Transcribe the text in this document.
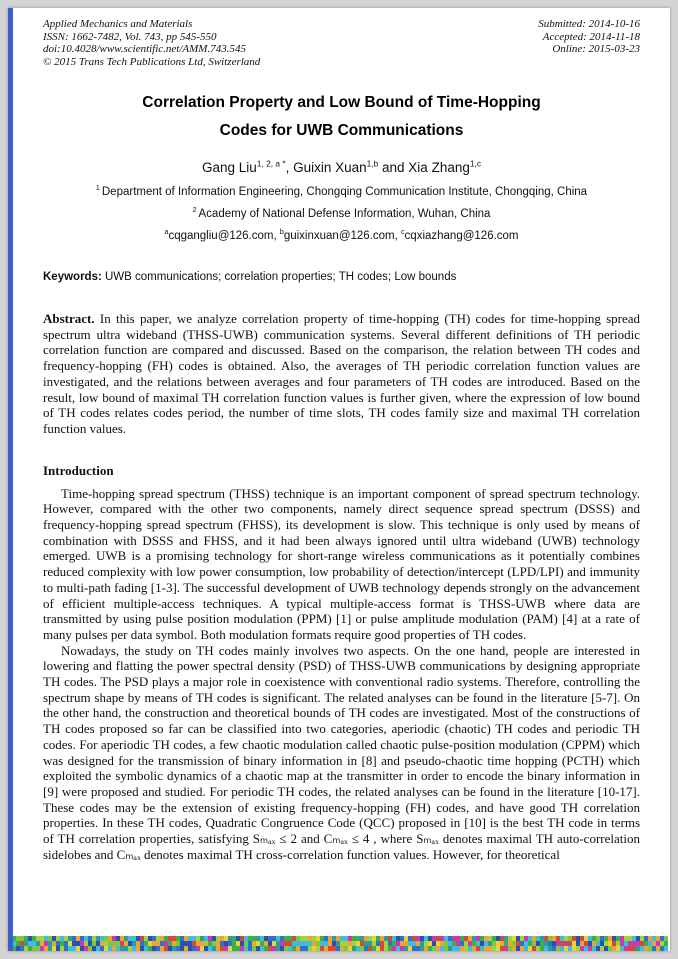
Applied Mechanics and Materials
ISSN: 1662-7482, Vol. 743, pp 545-550
doi:10.4028/www.scientific.net/AMM.743.545
© 2015 Trans Tech Publications Ltd, Switzerland
Submitted: 2014-10-16
Accepted: 2014-11-18
Online: 2015-03-23
Correlation Property and Low Bound of Time-Hopping
Codes for UWB Communications
Gang Liu$^{1, 2, a *}$, Guixin Xuan$^{1,b}$ and Xia Zhang$^{1,c}$
$^1$ Department of Information Engineering, Chongqing Communication Institute, Chongqing, China
$^2$ Academy of National Defense Information, Wuhan, China
$^a$cqgangliu@126.com, $^b$guixinxuan@126.com, $^c$cqxiazhang@126.com
Keywords: UWB communications; correlation properties; TH codes; Low bounds

Abstract. In this paper, we analyze correlation property of time-hopping (TH) codes for time-hopping spread spectrum ultra wideband (THSS-UWB) communication systems. Several different definitions of TH periodic correlation function are compared and discussed. Based on the comparison, the relation between TH codes and frequency-hopping (FH) codes is obtained. Also, the averages of TH periodic correlation function values are investigated, and the relations between averages and four parameters of TH codes are introduced. Based on the result, low bound of maximal TH correlation function values is further given, where the expression of low bound of TH codes relates codes period, the number of time slots, TH codes family size and maximal TH correlation function values.

Introduction

Time-hopping spread spectrum (THSS) technique is an important component of spread spectrum technology. However, compared with the other two components, namely direct sequence spread spectrum (DSSS) and frequency-hopping spread spectrum (FHSS), its development is slow. This technique is only used by means of combination with DSSS and FHSS, and it had been always ignored until ultra wideband (UWB) technology emerged. UWB is a promising technology for short-range wireless communications as it potentially combines reduced complexity with low power consumption, low probability of detection/intercept (LPD/LPI) and immunity to multi-path fading [1-3]. The successful development of UWB technology depends strongly on the advancement of efficient multiple-access techniques. A typical multiple-access format is THSS-UWB where data are transmitted by using pulse position modulation (PPM) [1] or pulse amplitude modulation (PAM) [4] at a rate of many pulses per data symbol. Both modulation formats require good properties of TH codes.

Nowadays, the study on TH codes mainly involves two aspects. On the one hand, people are interested in lowering and flatting the power spectral density (PSD) of THSS-UWB communications by designing appropriate TH codes. The PSD plays a major role in coexistence with conventional radio systems. Therefore, controlling the spectrum shape by means of TH codes is significant. The related analyses can be found in the literature [5-7]. On the other hand, the construction and theoretical bounds of TH codes are investigated. Most of the constructions of TH codes proposed so far can be classified into two categories, aperiodic (chaotic) TH codes and periodic TH codes. For aperiodic TH codes, a few chaotic modulation called chaotic pulse-position modulation (CPPM) which was designed for the transmission of binary information in [8] and pseudo-chaotic time hopping (PCTH) which exploited the symbolic dynamics of a chaotic map at the transmitter in order to encode the binary information in [9] were proposed and studied. For periodic TH codes, the related analyses can be found in the literature [10-17]. These codes may be the extension of existing frequency-hopping (FH) codes, and have good TH correlation properties. In these TH codes, Quadratic Congruence Code (QCC) proposed in [10] is the best TH code in terms of TH correlation properties, satisfying Sₘₐₓ ≤ 2 and Cₘₐₓ ≤ 4 , where Sₘₐₓ denotes maximal TH auto-correlation sidelobes and Cₘₐₓ denotes maximal TH cross-correlation function values. However, for theoretical
